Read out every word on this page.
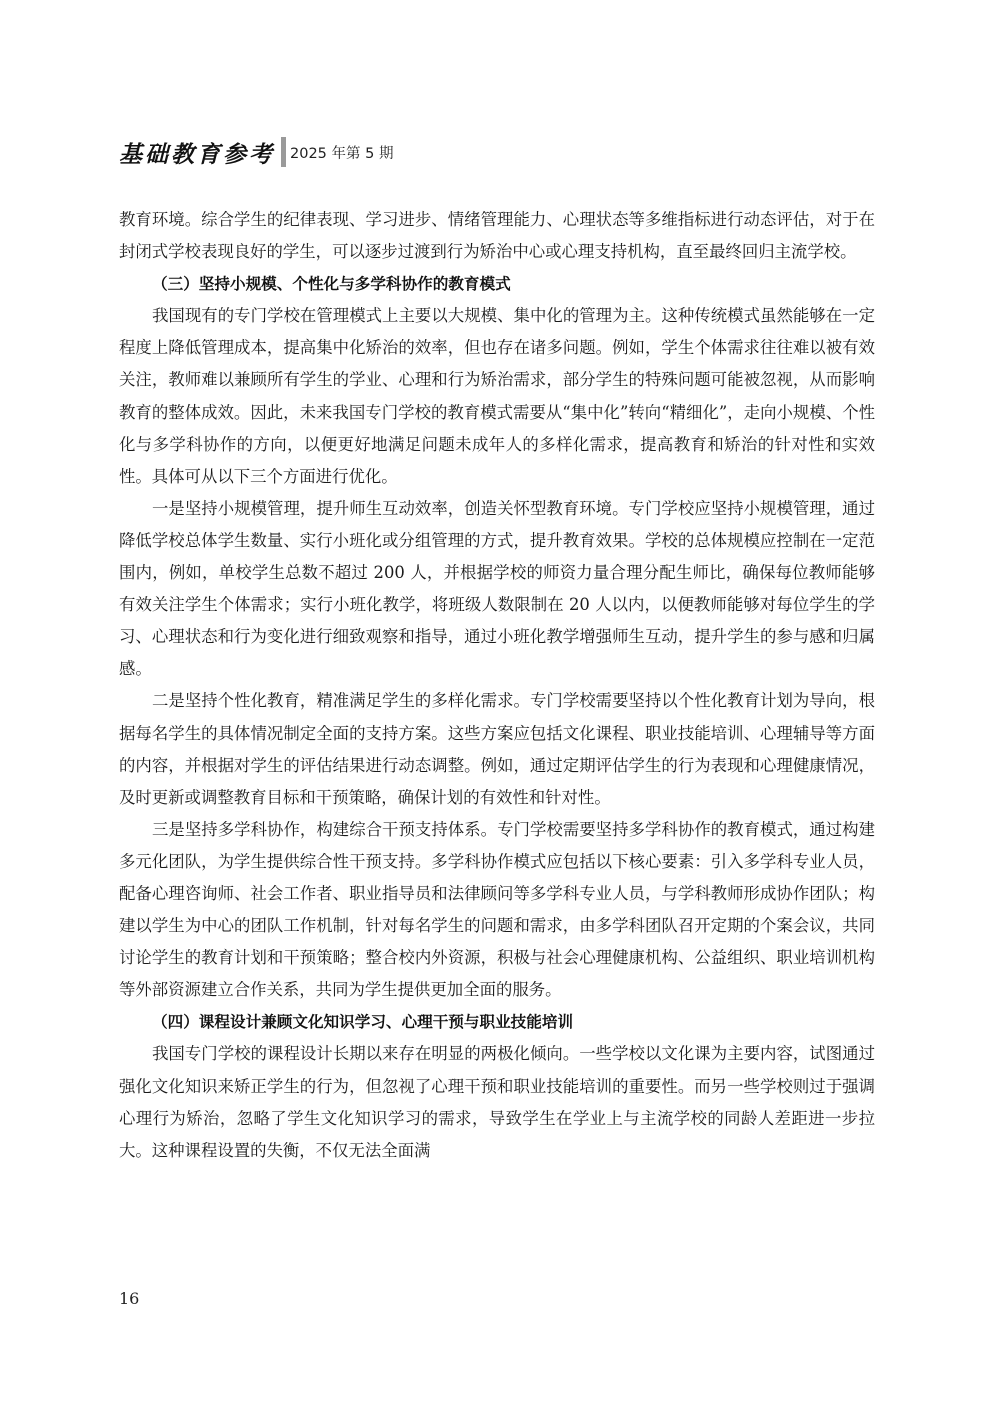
基础教育参考 2025 年第 5 期

教育环境。综合学生的纪律表现、学习进步、情绪管理能力、心理状态等多维指标进行动态评估，对于在封闭式学校表现良好的学生，可以逐步过渡到行为矫治中心或心理支持机构，直至最终回归主流学校。

（三）坚持小规模、个性化与多学科协作的教育模式

我国现有的专门学校在管理模式上主要以大规模、集中化的管理为主。这种传统模式虽然能够在一定程度上降低管理成本，提高集中化矫治的效率，但也存在诸多问题。例如，学生个体需求往往难以被有效关注，教师难以兼顾所有学生的学业、心理和行为矫治需求，部分学生的特殊问题可能被忽视，从而影响教育的整体成效。因此，未来我国专门学校的教育模式需要从“集中化”转向“精细化”，走向小规模、个性化与多学科协作的方向，以便更好地满足问题未成年人的多样化需求，提高教育和矫治的针对性和实效性。具体可从以下三个方面进行优化。

一是坚持小规模管理，提升师生互动效率，创造关怀型教育环境。专门学校应坚持小规模管理，通过降低学校总体学生数量、实行小班化或分组管理的方式，提升教育效果。学校的总体规模应控制在一定范围内，例如，单校学生总数不超过 200 人，并根据学校的师资力量合理分配生师比，确保每位教师能够有效关注学生个体需求；实行小班化教学，将班级人数限制在 20 人以内，以便教师能够对每位学生的学习、心理状态和行为变化进行细致观察和指导，通过小班化教学增强师生互动，提升学生的参与感和归属感。

二是坚持个性化教育，精准满足学生的多样化需求。专门学校需要坚持以个性化教育计划为导向，根据每名学生的具体情况制定全面的支持方案。这些方案应包括文化课程、职业技能培训、心理辅导等方面的内容，并根据对学生的评估结果进行动态调整。例如，通过定期评估学生的行为表现和心理健康情况，及时更新或调整教育目标和干预策略，确保计划的有效性和针对性。

三是坚持多学科协作，构建综合干预支持体系。专门学校需要坚持多学科协作的教育模式，通过构建多元化团队，为学生提供综合性干预支持。多学科协作模式应包括以下核心要素：引入多学科专业人员，配备心理咨询师、社会工作者、职业指导员和法律顾问等多学科专业人员，与学科教师形成协作团队；构建以学生为中心的团队工作机制，针对每名学生的问题和需求，由多学科团队召开定期的个案会议，共同讨论学生的教育计划和干预策略；整合校内外资源，积极与社会心理健康机构、公益组织、职业培训机构等外部资源建立合作关系，共同为学生提供更加全面的服务。

（四）课程设计兼顾文化知识学习、心理干预与职业技能培训

我国专门学校的课程设计长期以来存在明显的两极化倾向。一些学校以文化课为主要内容，试图通过强化文化知识来矫正学生的行为，但忽视了心理干预和职业技能培训的重要性。而另一些学校则过于强调心理行为矫治，忽略了学生文化知识学习的需求，导致学生在学业上与主流学校的同龄人差距进一步拉大。这种课程设置的失衡，不仅无法全面满

16
